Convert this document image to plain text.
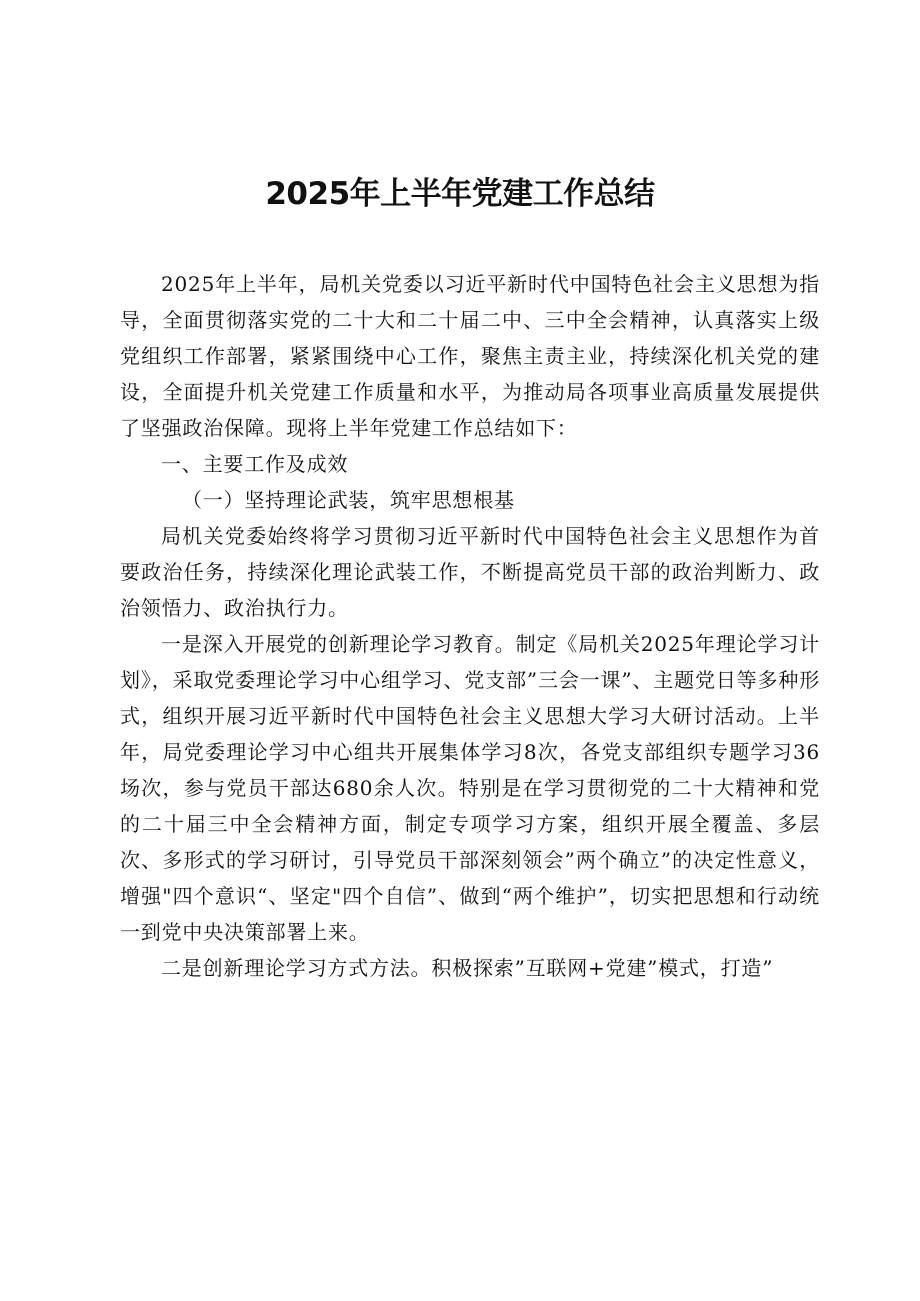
2025年上半年党建工作总结

2025年上半年，局机关党委以习近平新时代中国特色社会主义思想为指导，全面贯彻落实党的二十大和二十届二中、三中全会精神，认真落实上级党组织工作部署，紧紧围绕中心工作，聚焦主责主业，持续深化机关党的建设，全面提升机关党建工作质量和水平，为推动局各项事业高质量发展提供了坚强政治保障。现将上半年党建工作总结如下：

一、主要工作及成效

（一）坚持理论武装，筑牢思想根基

局机关党委始终将学习贯彻习近平新时代中国特色社会主义思想作为首要政治任务，持续深化理论武装工作，不断提高党员干部的政治判断力、政治领悟力、政治执行力。

一是深入开展党的创新理论学习教育。制定《局机关2025年理论学习计划》，采取党委理论学习中心组学习、党支部”三会一课”、主题党日等多种形式，组织开展习近平新时代中国特色社会主义思想大学习大研讨活动。上半年，局党委理论学习中心组共开展集体学习8次，各党支部组织专题学习36场次，参与党员干部达680余人次。特别是在学习贯彻党的二十大精神和党的二十届三中全会精神方面，制定专项学习方案，组织开展全覆盖、多层次、多形式的学习研讨，引导党员干部深刻领会”两个确立”的决定性意义，增强"四个意识“、坚定"四个自信”、做到“两个维护”，切实把思想和行动统一到党中央决策部署上来。

二是创新理论学习方式方法。积极探索”互联网+党建”模式，打造”
